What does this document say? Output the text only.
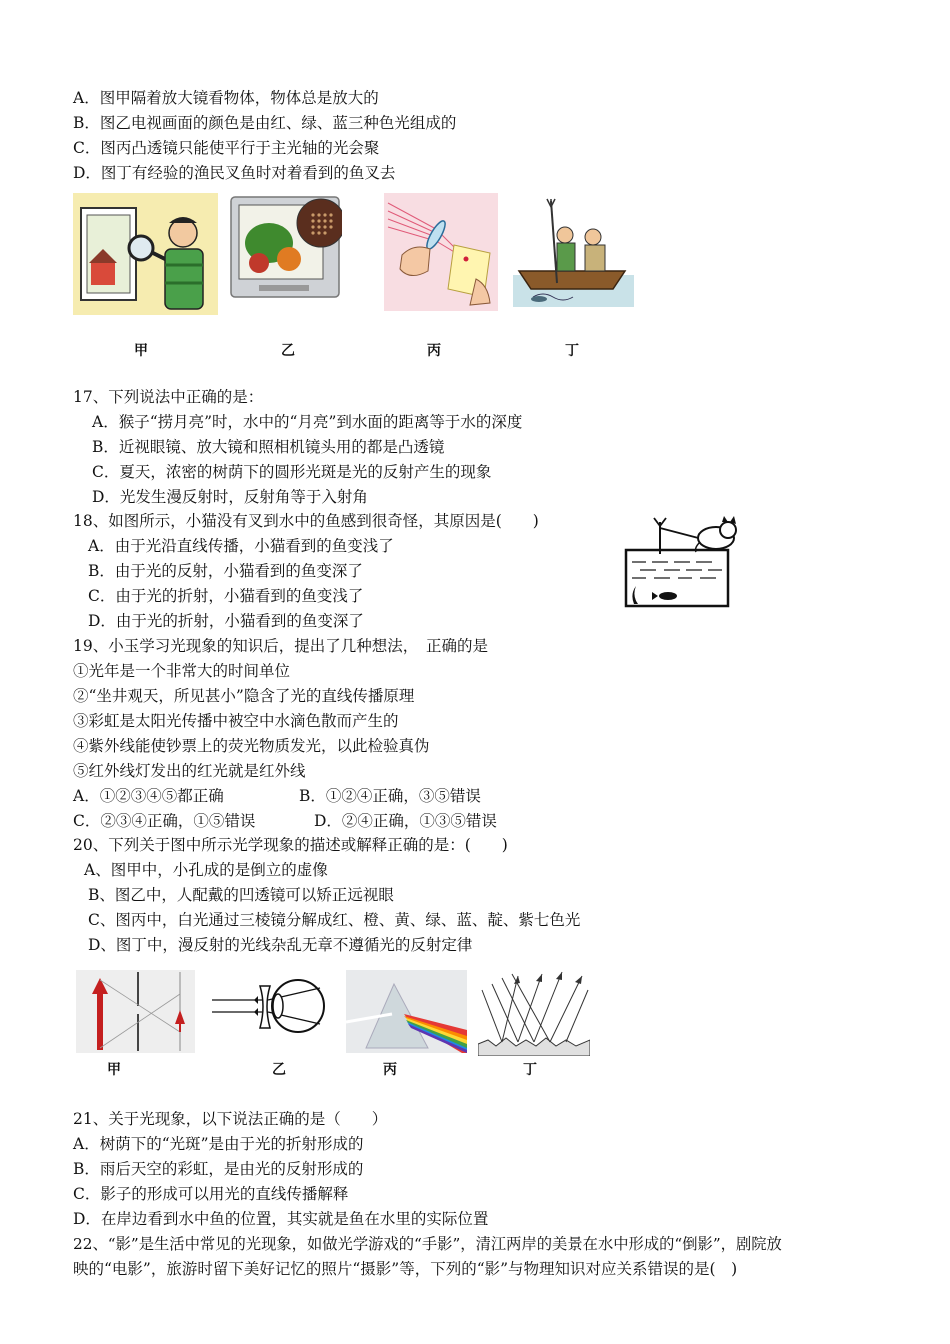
A．图甲隔着放大镜看物体，物体总是放大的
B．图乙电视画面的颜色是由红、绿、蓝三种色光组成的
C．图丙凸透镜只能使平行于主光轴的光会聚
D．图丁有经验的渔民叉鱼时对着看到的鱼叉去
甲	乙	丙	丁
17、下列说法中正确的是：
A．猴子“捞月亮”时，水中的“月亮”到水面的距离等于水的深度
B．近视眼镜、放大镜和照相机镜头用的都是凸透镜
C．夏天，浓密的树荫下的圆形光斑是光的反射产生的现象
D．光发生漫反射时，反射角等于入射角
18、如图所示，小猫没有叉到水中的鱼感到很奇怪，其原因是(　　)
A．由于光沿直线传播，小猫看到的鱼变浅了
B．由于光的反射，小猫看到的鱼变深了
C．由于光的折射，小猫看到的鱼变浅了
D．由于光的折射，小猫看到的鱼变深了
19、小玉学习光现象的知识后，提出了几种想法，　正确的是
①光年是一个非常大的时间单位
②“坐井观天，所见甚小”隐含了光的直线传播原理
③彩虹是太阳光传播中被空中水滴色散而产生的
④紫外线能使钞票上的荧光物质发光，以此检验真伪
⑤红外线灯发出的红光就是红外线
A．①②③④⑤都正确	B．①②④正确，③⑤错误
C．②③④正确，①⑤错误	D．②④正确，①③⑤错误
20、下列关于图中所示光学现象的描述或解释正确的是：(　　)
A、图甲中，小孔成的是倒立的虚像
B、图乙中，人配戴的凹透镜可以矫正远视眼
C、图丙中，白光通过三棱镜分解成红、橙、黄、绿、蓝、靛、紫七色光
D、图丁中，漫反射的光线杂乱无章不遵循光的反射定律
甲	乙	丙	丁
21、关于光现象，以下说法正确的是（　　）
A．树荫下的“光斑”是由于光的折射形成的
B．雨后天空的彩虹，是由光的反射形成的
C．影子的形成可以用光的直线传播解释
D．在岸边看到水中鱼的位置，其实就是鱼在水里的实际位置
22、“影”是生活中常见的光现象，如做光学游戏的“手影”，清江两岸的美景在水中形成的“倒影”，剧院放
映的“电影”，旅游时留下美好记忆的照片“摄影”等，下列的“影”与物理知识对应关系错误的是(　)
